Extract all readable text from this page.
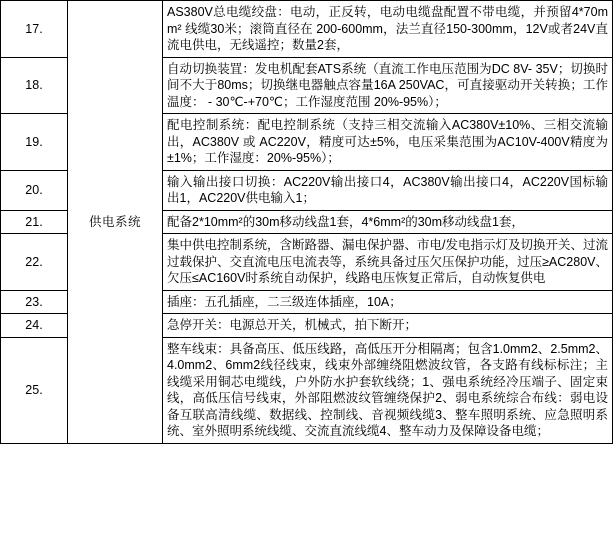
17.	供电系统	AS380V总电缆绞盘：电动，正反转，电动电缆盘配置不带电缆，并预留4*70mm² 线缆30米；滚筒直径在 200-600mm，法兰直径150-300mm，12V或者24V直流电供电，无线遥控；数量2套，
18.		自动切换装罝：发电机配套ATS系统（直流工作电压范围为DC 8V- 35V；切换时间不大于80ms；切换继电器触点容量16A 250VAC，可直接驱动开关转换；工作温度： - 30℃-+70℃；工作湿度范围 20%-95%）；
19.		配电控制系统：配电控制系统（支持三相交流输入AC380V±10%、三相交流输出，AC380V 或 AC220V，精度可达±5%，电压采集范围为AC10V-400V精度为±1%；工作湿度：20%-95%）；
20.		输入输出接口切换：AC220V输出接口4，AC380V输出接口4，AC220V国标输出1，AC220V供电输入1；
21.		配备2*10mm²的30m移动线盘1套，4*6mm²的30m移动线盘1套，
22.		集中供电控制系统，含断路器、漏电保护器、市电/发电指示灯及切换开关、过流过载保护、交直流电压电流表等，系统具备过压欠压保护功能，过压≥AC280V、欠压≤AC160V时系统自动保护，线路电压恢复正常后，自动恢复供电
23.		插座：五孔插座，二三级连体插座，10A；
24.		急停开关：电源总开关，机械式，拍下断开；
25.		整车线束：具备高压、低压线路，高低压开分相隔离；包含1.0mm2、2.5mm2、4.0mm2、6mm2线径线束，线束外部缠绕阻燃波纹管，各支路有线标标注；主线缆采用铜芯电缆线，户外防水护套软线绕；1、强电系统经冷压端子、固定束线，高低压信号线束，外部阻燃波纹管缠绕保护2、弱电系统综合布线：弱电设备互联高清线缆、数据线、控制线、音视频线缆3、整车照明系统、应急照明系统、室外照明系统线缆、交流直流线缆4、整车动力及保障设备电缆；
